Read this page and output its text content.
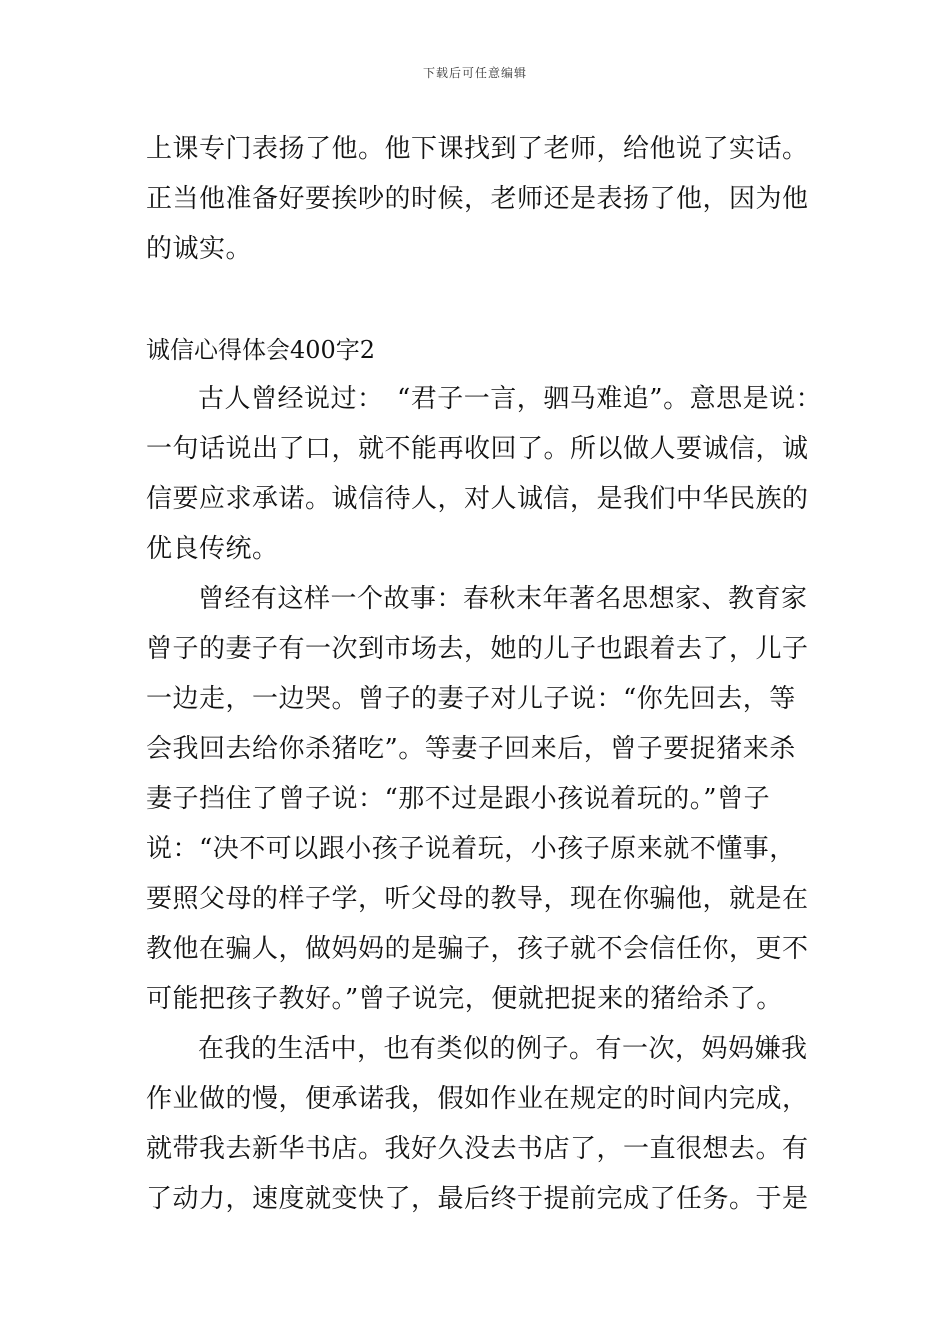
下载后可任意编辑
上课专门表扬了他。他下课找到了老师，给他说了实话。
正当他准备好要挨吵的时候，老师还是表扬了他，因为他
的诚实。
诚信心得体会400字2
古人曾经说过：　“君子一言，驷马难追”。意思是说：
一句话说出了口，就不能再收回了。所以做人要诚信，诚
信要应求承诺。诚信待人，对人诚信，是我们中华民族的
优良传统。
曾经有这样一个故事：春秋末年著名思想家、教育家
曾子的妻子有一次到市场去，她的儿子也跟着去了，儿子
一边走，一边哭。曾子的妻子对儿子说：“你先回去，等
会我回去给你杀猪吃”。等妻子回来后，曾子要捉猪来杀
妻子挡住了曾子说：“那不过是跟小孩说着玩的。”曾子
说：“决不可以跟小孩子说着玩，小孩子原来就不懂事，
要照父母的样子学，听父母的教导，现在你骗他，就是在
教他在骗人，做妈妈的是骗子，孩子就不会信任你，更不
可能把孩子教好。”曾子说完，便就把捉来的猪给杀了。
在我的生活中，也有类似的例子。有一次，妈妈嫌我
作业做的慢，便承诺我，假如作业在规定的时间内完成，
就带我去新华书店。我好久没去书店了，一直很想去。有
了动力，速度就变快了，最后终于提前完成了任务。于是
